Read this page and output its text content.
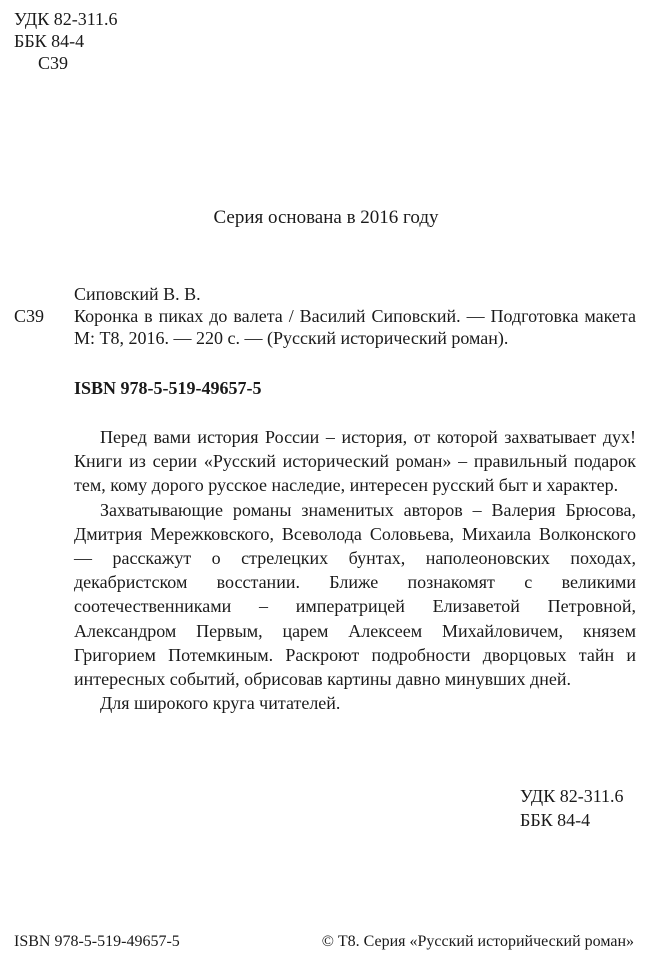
УДК 82-311.6
ББК 84-4
С39
Серия основана в 2016 году
Сиповский В. В.
С39 Коронка в пиках до валета / Василий Сиповский. — Подготовка макета М: Т8, 2016. — 220 с. — (Русский исторический роман).
ISBN 978-5-519-49657-5

Перед вами история России – история, от которой захватывает дух! Книги из серии «Русский исторический роман» – правильный подарок тем, кому дорого русское наследие, интересен русский быт и характер.

Захватывающие романы знаменитых авторов – Валерия Брюсова, Дмитрия Мережковского, Всеволода Соловьева, Михаила Волконского — расскажут о стрелецких бунтах, наполеоновских походах, декабристском восстании. Ближе познакомят с великими соотечественниками – императрицей Елизаветой Петровной, Александром Первым, царем Алексеем Михайловичем, князем Григорием Потемкиным. Раскроют подробности дворцовых тайн и интересных событий, обрисовав картины давно минувших дней.

Для широкого круга читателей.

УДК 82-311.6
ББК 84-4
ISBN 978-5-519-49657-5	© Т8. Серия «Русский историйческий роман»
